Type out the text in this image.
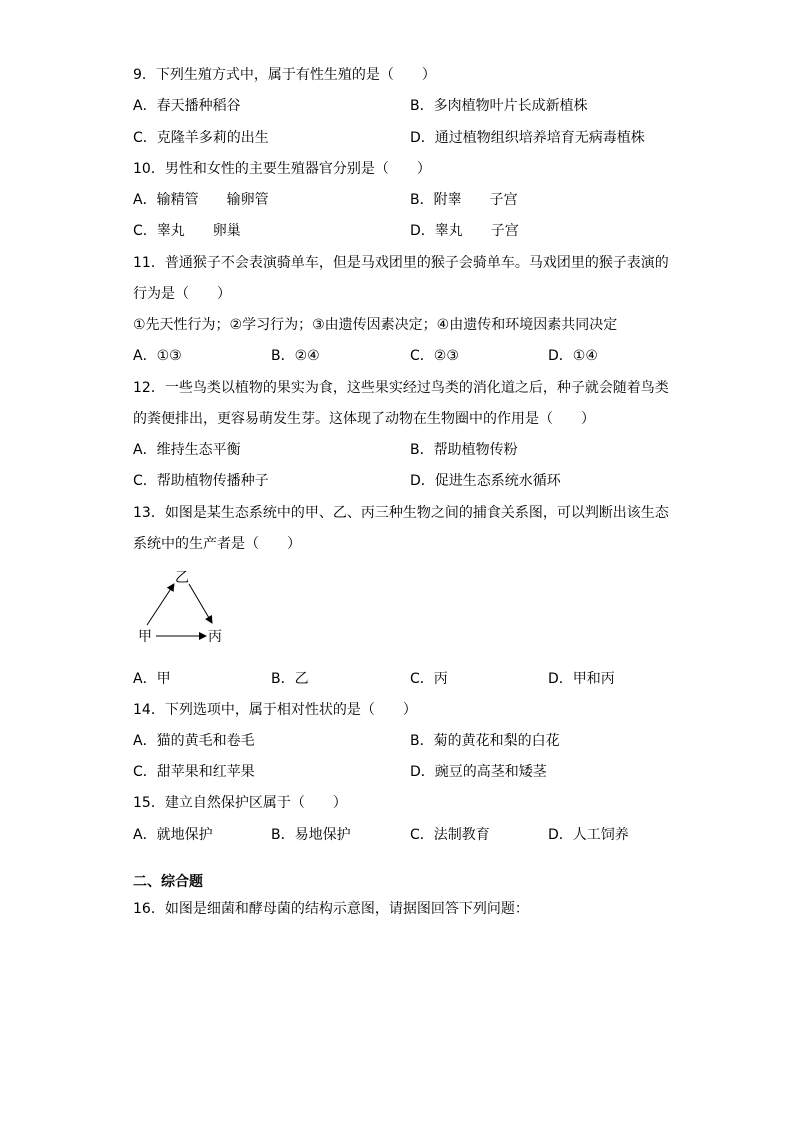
9．下列生殖方式中，属于有性生殖的是（　　）
A．春天播种稻谷	B．多肉植物叶片长成新植株
C．克隆羊多莉的出生	D．通过植物组织培养培育无病毒植株
10．男性和女性的主要生殖器官分别是（　　）
A．输精管　　输卵管	B．附睾　　子宫
C．睾丸　　卵巢	D．睾丸　　子宫
11．普通猴子不会表演骑单车，但是马戏团里的猴子会骑单车。马戏团里的猴子表演的
行为是（　　）
①先天性行为；②学习行为；③由遗传因素决定；④由遗传和环境因素共同决定
A．①③	B．②④	C．②③	D．①④
12．一些鸟类以植物的果实为食，这些果实经过鸟类的消化道之后，种子就会随着鸟类
的粪便排出，更容易萌发生芽。这体现了动物在生物圈中的作用是（　　）
A．维持生态平衡	B．帮助植物传粉
C．帮助植物传播种子	D．促进生态系统水循环
13．如图是某生态系统中的甲、乙、丙三种生物之间的捕食关系图，可以判断出该生态
系统中的生产者是（　　）
乙
甲	丙
A．甲	B．乙	C．丙	D．甲和丙
14．下列选项中，属于相对性状的是（　　）
A．猫的黄毛和卷毛	B．菊的黄花和梨的白花
C．甜苹果和红苹果	D．豌豆的高茎和矮茎
15．建立自然保护区属于（　　）
A．就地保护	B．易地保护	C．法制教育	D．人工饲养
二、综合题
16．如图是细菌和酵母菌的结构示意图，请据图回答下列问题：
